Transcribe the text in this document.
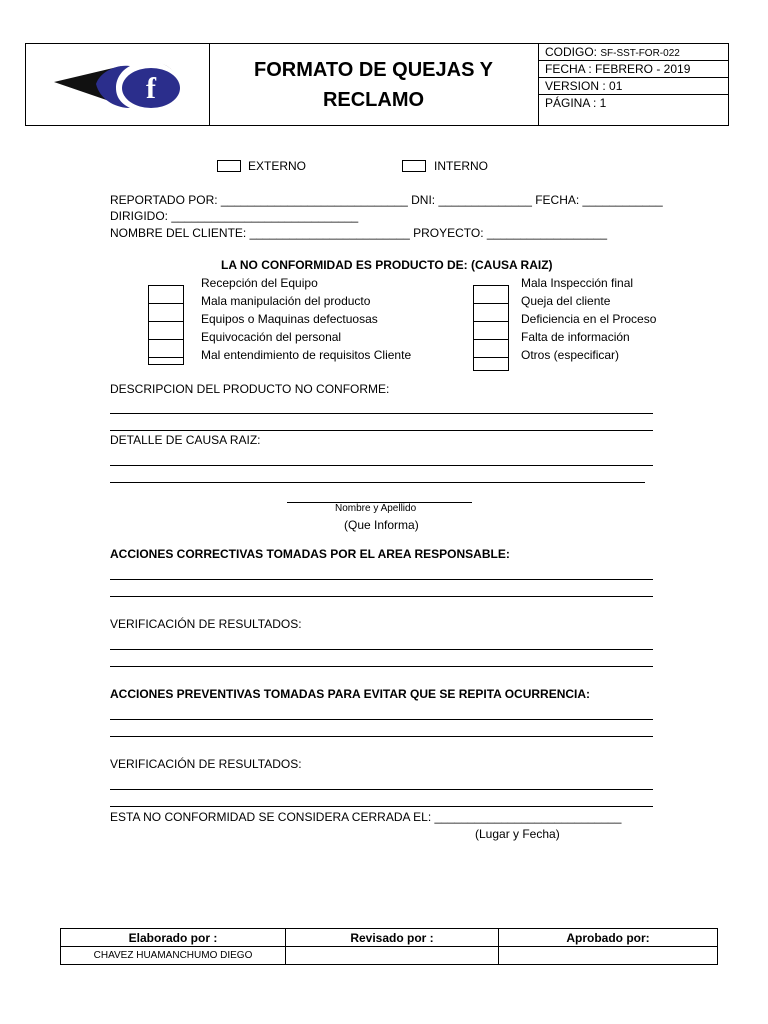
f
FORMATO DE QUEJAS Y
RECLAMO
CODIGO: SF-SST-FOR-022
FECHA : FEBRERO - 2019
VERSION : 01
PÁGINA : 1
EXTERNO	INTERNO
REPORTADO POR: ____________________________ DNI: ______________ FECHA: ____________
DIRIGIDO: ____________________________
NOMBRE DEL CLIENTE: ________________________ PROYECTO: __________________
LA NO CONFORMIDAD ES PRODUCTO DE: (CAUSA RAIZ)
Recepción del Equipo
Mala manipulación del producto
Equipos o Maquinas defectuosas
Equivocación del personal
Mal entendimiento de requisitos Cliente
Mala Inspección final
Queja del cliente
Deficiencia en el Proceso
Falta de información
Otros (especificar)
DESCRIPCION DEL PRODUCTO NO CONFORME:
DETALLE DE CAUSA RAIZ:
Nombre y Apellido
(Que Informa)
ACCIONES CORRECTIVAS TOMADAS POR EL AREA RESPONSABLE:
VERIFICACIÓN DE RESULTADOS:
ACCIONES PREVENTIVAS TOMADAS PARA EVITAR QUE SE REPITA OCURRENCIA:
VERIFICACIÓN DE RESULTADOS:
ESTA NO CONFORMIDAD SE CONSIDERA CERRADA EL: ____________________________
(Lugar y Fecha)
Elaborado por :
CHAVEZ HUAMANCHUMO DIEGO
Revisado por :	Aprobado por:
